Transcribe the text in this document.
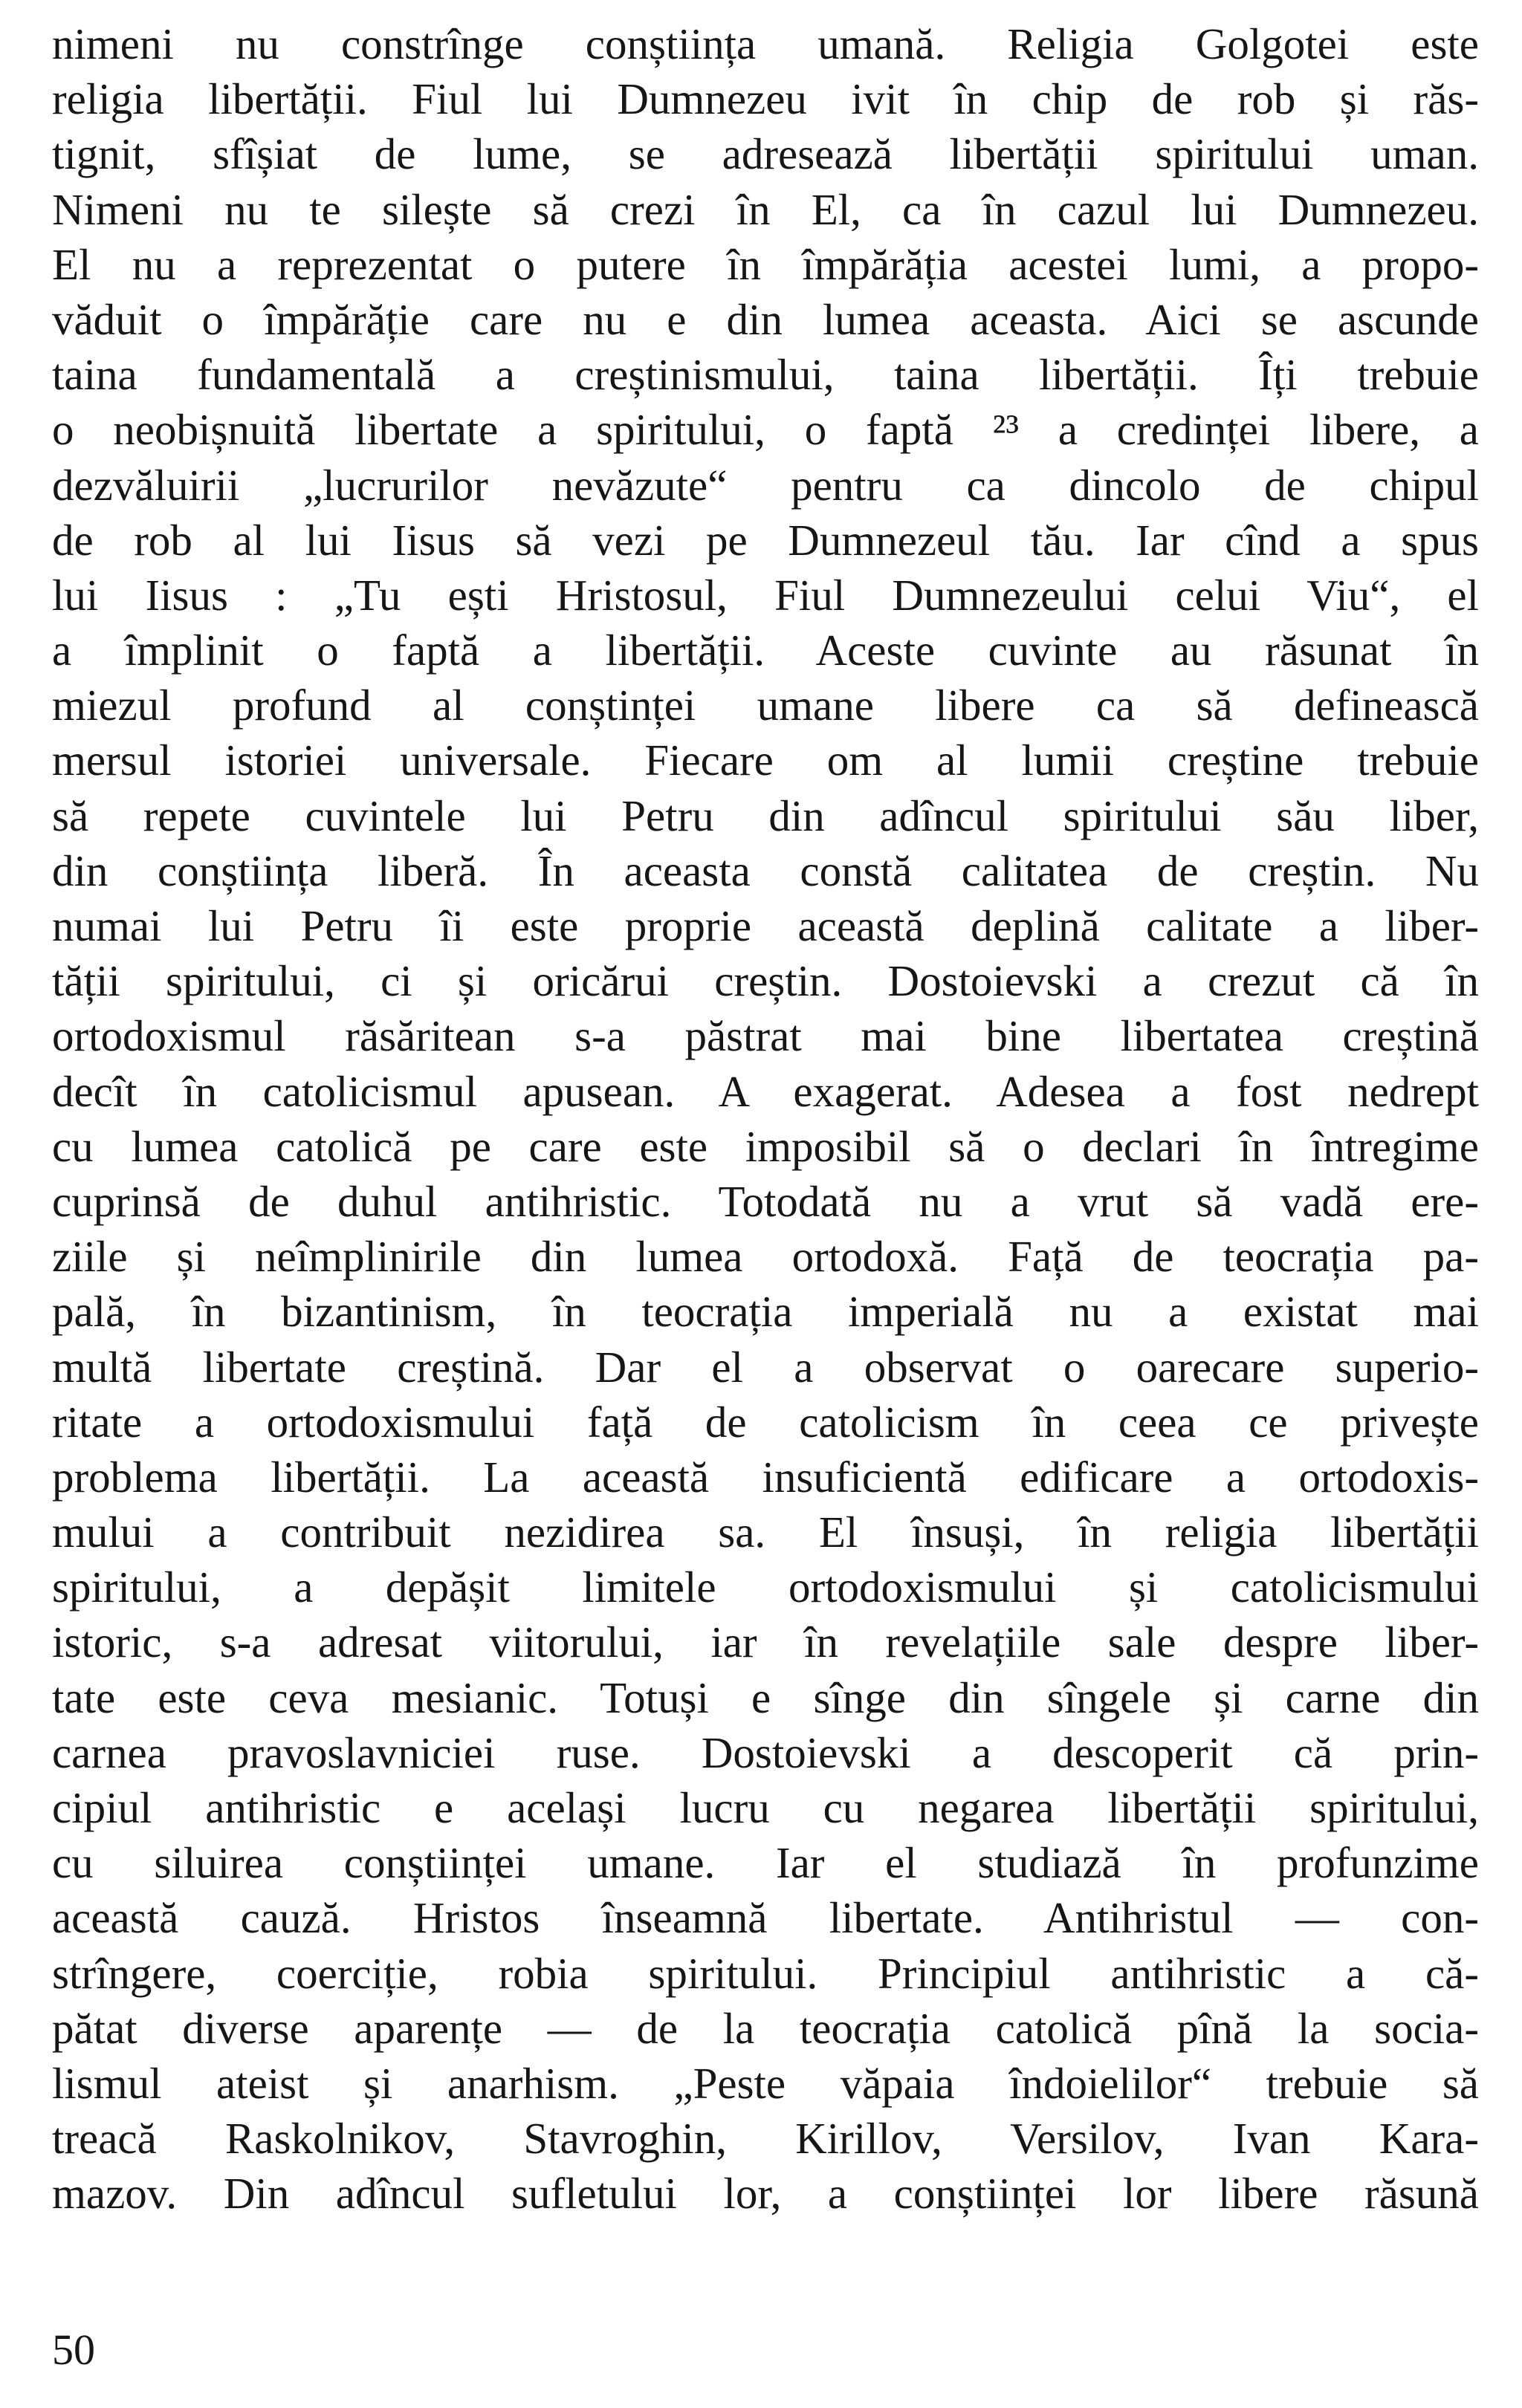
nimeni nu constrînge conștiința umană. Religia Golgotei este
religia libertății. Fiul lui Dumnezeu ivit în chip de rob și răs-
tignit, sfîșiat de lume, se adresează libertății spiritului uman.
Nimeni nu te silește să crezi în El, ca în cazul lui Dumnezeu.
El nu a reprezentat o putere în împărăția acestei lumi, a propo-
văduit o împărăție care nu e din lumea aceasta. Aici se ascunde
taina fundamentală a creștinismului, taina libertății. Îți trebuie
o neobișnuită libertate a spiritului, o faptă ²³ a credinței libere, a
dezvăluirii „lucrurilor nevăzute“ pentru ca dincolo de chipul
de rob al lui Iisus să vezi pe Dumnezeul tău. Iar cînd a spus
lui Iisus : „Tu ești Hristosul, Fiul Dumnezeului celui Viu“, el
a împlinit o faptă a libertății. Aceste cuvinte au răsunat în
miezul profund al conștinței umane libere ca să definească
mersul istoriei universale. Fiecare om al lumii creștine trebuie
să repete cuvintele lui Petru din adîncul spiritului său liber,
din conștiința liberă. În aceasta constă calitatea de creștin. Nu
numai lui Petru îi este proprie această deplină calitate a liber-
tății spiritului, ci și oricărui creștin. Dostoievski a crezut că în
ortodoxismul răsăritean s-a păstrat mai bine libertatea creștină
decît în catolicismul apusean. A exagerat. Adesea a fost nedrept
cu lumea catolică pe care este imposibil să o declari în întregime
cuprinsă de duhul antihristic. Totodată nu a vrut să vadă ere-
ziile și neîmplinirile din lumea ortodoxă. Față de teocrația pa-
pală, în bizantinism, în teocrația imperială nu a existat mai
multă libertate creștină. Dar el a observat o oarecare superio-
ritate a ortodoxismului față de catolicism în ceea ce privește
problema libertății. La această insuficientă edificare a ortodoxis-
mului a contribuit nezidirea sa. El însuși, în religia libertății
spiritului, a depășit limitele ortodoxismului și catolicismului
istoric, s-a adresat viitorului, iar în revelațiile sale despre liber-
tate este ceva mesianic. Totuși e sînge din sîngele și carne din
carnea pravoslavniciei ruse. Dostoievski a descoperit că prin-
cipiul antihristic e același lucru cu negarea libertății spiritului,
cu siluirea conștiinței umane. Iar el studiază în profunzime
această cauză. Hristos înseamnă libertate. Antihristul — con-
strîngere, coerciție, robia spiritului. Principiul antihristic a că-
pătat diverse aparențe — de la teocrația catolică pînă la socia-
lismul ateist și anarhism. „Peste văpaia îndoielilor“ trebuie să
treacă Raskolnikov, Stavroghin, Kirillov, Versilov, Ivan Kara-
mazov. Din adîncul sufletului lor, a conștiinței lor libere răsună
50
